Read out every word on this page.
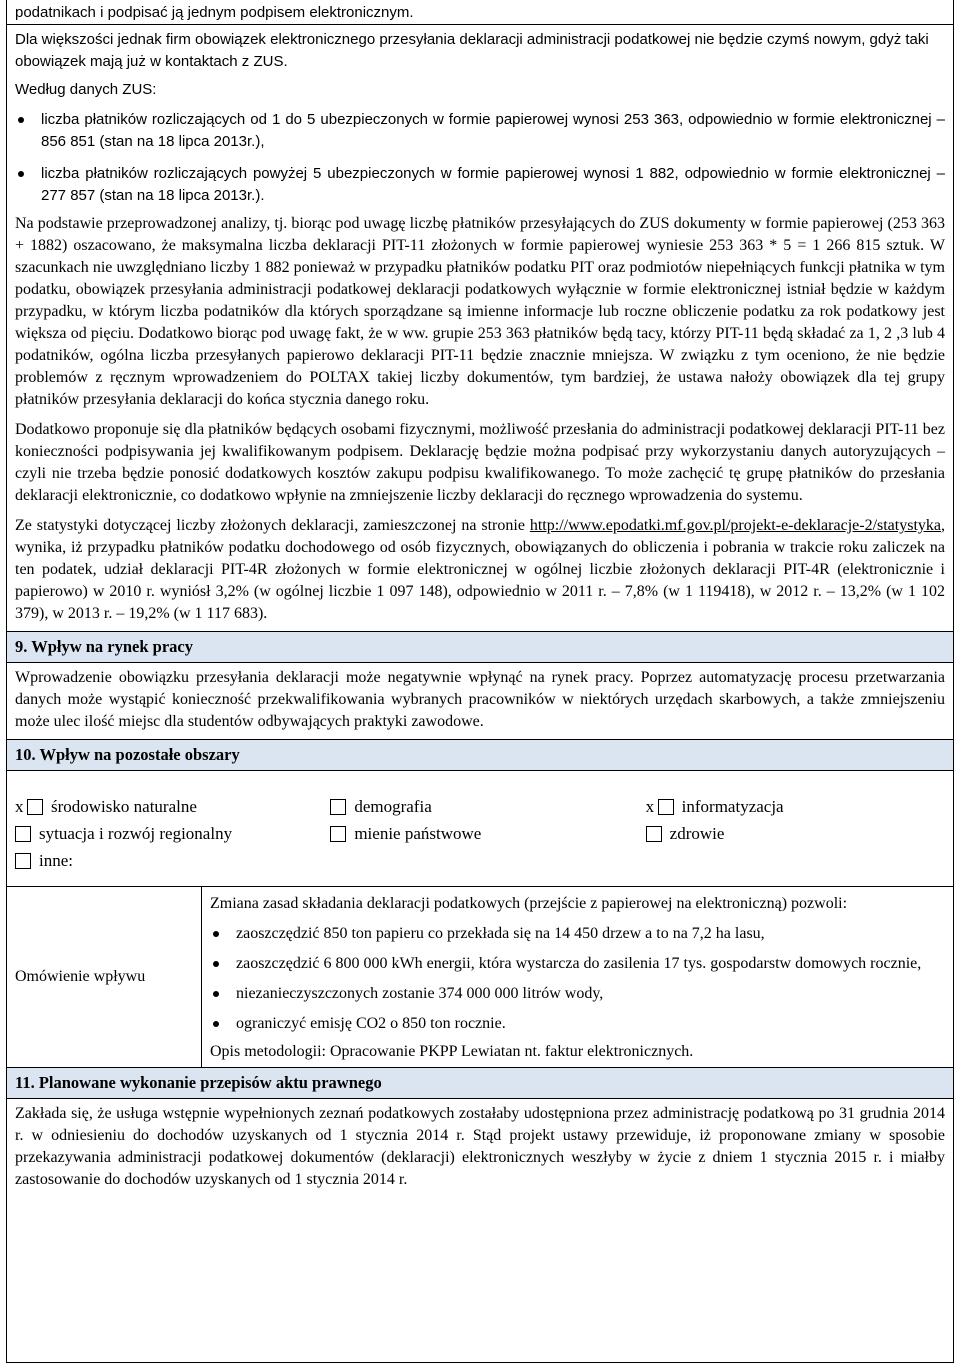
podatnikach i podpisać ją jednym podpisem elektronicznym.

Dla większości jednak firm obowiązek elektronicznego przesyłania deklaracji administracji podatkowej nie będzie czymś nowym, gdyż taki obowiązek mają już w kontaktach z ZUS.

Według danych ZUS:

liczba płatników rozliczających od 1 do 5 ubezpieczonych w formie papierowej wynosi 253 363, odpowiednio w formie elektronicznej – 856 851 (stan na 18 lipca 2013r.),
liczba płatników rozliczających powyżej 5 ubezpieczonych w formie papierowej wynosi 1 882, odpowiednio w formie elektronicznej – 277 857 (stan na 18 lipca 2013r.).

Na podstawie przeprowadzonej analizy, tj. biorąc pod uwagę liczbę płatników przesyłających do ZUS dokumenty w formie papierowej (253 363 + 1882) oszacowano, że maksymalna liczba deklaracji PIT-11 złożonych w formie papierowej wyniesie 253 363 * 5 = 1 266 815 sztuk. W szacunkach nie uwzględniano liczby 1 882 ponieważ w przypadku płatników podatku PIT oraz podmiotów niepełniących funkcji płatnika w tym podatku, obowiązek przesyłania administracji podatkowej deklaracji podatkowych wyłącznie w formie elektronicznej istniał będzie w każdym przypadku, w którym liczba podatników dla których sporządzane są imienne informacje lub roczne obliczenie podatku za rok podatkowy jest większa od pięciu. Dodatkowo biorąc pod uwagę fakt, że w ww. grupie 253 363 płatników będą tacy, którzy PIT-11 będą składać za 1, 2 ,3 lub 4 podatników, ogólna liczba przesyłanych papierowo deklaracji PIT-11 będzie znacznie mniejsza. W związku z tym oceniono, że nie będzie problemów z ręcznym wprowadzeniem do POLTAX takiej liczby dokumentów, tym bardziej, że ustawa nałoży obowiązek dla tej grupy płatników przesyłania deklaracji do końca stycznia danego roku.

Dodatkowo proponuje się dla płatników będących osobami fizycznymi, możliwość przesłania do administracji podatkowej deklaracji PIT-11 bez konieczności podpisywania jej kwalifikowanym podpisem. Deklarację będzie można podpisać przy wykorzystaniu danych autoryzujących – czyli nie trzeba będzie ponosić dodatkowych kosztów zakupu podpisu kwalifikowanego. To może zachęcić tę grupę płatników do przesłania deklaracji elektronicznie, co dodatkowo wpłynie na zmniejszenie liczby deklaracji do ręcznego wprowadzenia do systemu.

Ze statystyki dotyczącej liczby złożonych deklaracji, zamieszczonej na stronie http://www.epodatki.mf.gov.pl/projekt-e-deklaracje-2/statystyka, wynika, iż przypadku płatników podatku dochodowego od osób fizycznych, obowiązanych do obliczenia i pobrania w trakcie roku zaliczek na ten podatek, udział deklaracji PIT-4R złożonych w formie elektronicznej w ogólnej liczbie złożonych deklaracji PIT-4R (elektronicznie i papierowo) w 2010 r. wyniósł 3,2% (w ogólnej liczbie 1 097 148), odpowiednio w 2011 r. – 7,8% (w 1 119418), w 2012 r. – 13,2% (w 1 102 379), w 2013 r. – 19,2% (w 1 117 683).

9. Wpływ na rynek pracy

Wprowadzenie obowiązku przesyłania deklaracji może negatywnie wpłynąć na rynek pracy. Poprzez automatyzację procesu przetwarzania danych może wystąpić konieczność przekwalifikowania wybranych pracowników w niektórych urzędach skarbowych, a także zmniejszeniu może ulec ilość miejsc dla studentów odbywających praktyki zawodowe.

10. Wpływ na pozostałe obszary
x środowisko naturalne
sytuacja i rozwój regionalny
inne:
demografia
mienie państwowe
x informatyzacja
zdrowie
Omówienie wpływu

Zmiana zasad składania deklaracji podatkowych (przejście z papierowej na elektroniczną) pozwoli:

zaoszczędzić 850 ton papieru co przekłada się na 14 450 drzew a to na 7,2 ha lasu,
zaoszczędzić 6 800 000 kWh energii, która wystarcza do zasilenia 17 tys. gospodarstw domowych rocznie,
niezanieczyszczonych zostanie 374 000 000 litrów wody,
ograniczyć emisję CO2 o 850 ton rocznie.

Opis metodologii: Opracowanie PKPP Lewiatan nt. faktur elektronicznych.

11. Planowane wykonanie przepisów aktu prawnego

Zakłada się, że usługa wstępnie wypełnionych zeznań podatkowych zostałaby udostępniona przez administrację podatkową po 31 grudnia 2014 r. w odniesieniu do dochodów uzyskanych od 1 stycznia 2014 r. Stąd projekt ustawy przewiduje, iż proponowane zmiany w sposobie przekazywania administracji podatkowej dokumentów (deklaracji) elektronicznych weszłyby w życie z dniem 1 stycznia 2015 r. i miałby zastosowanie do dochodów uzyskanych od 1 stycznia 2014 r.
